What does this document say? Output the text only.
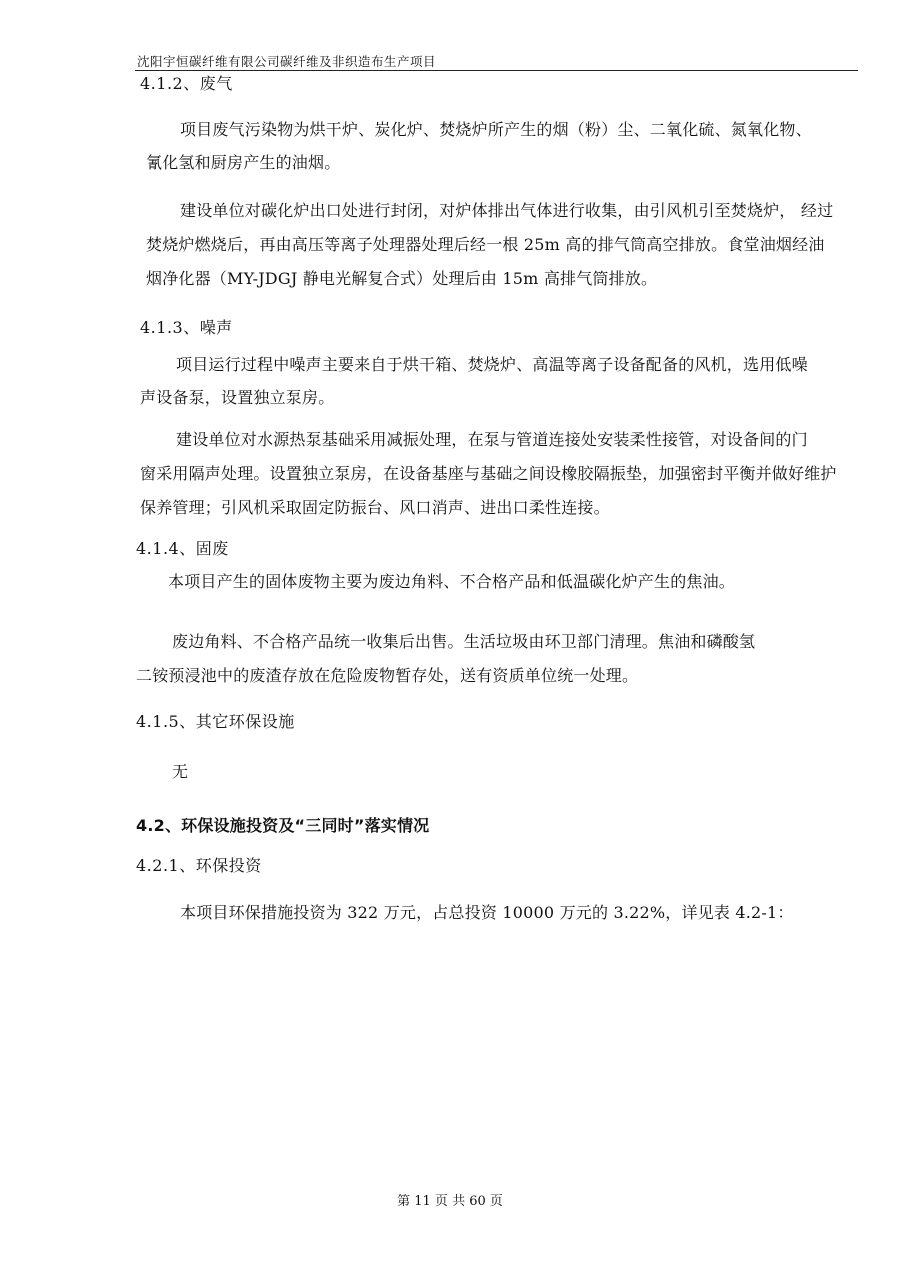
沈阳宇恒碳纤维有限公司碳纤维及非织造布生产项目
4.1.2、废气
项目废气污染物为烘干炉、炭化炉、焚烧炉所产生的烟（粉）尘、二氧化硫、氮氧化物、
氰化氢和厨房产生的油烟。
建设单位对碳化炉出口处进行封闭，对炉体排出气体进行收集，由引风机引至焚烧炉， 经过
焚烧炉燃烧后，再由高压等离子处理器处理后经一根 25m 高的排气筒高空排放。食堂油烟经油
烟净化器（MY-JDGJ 静电光解复合式）处理后由 15m 高排气筒排放。
4.1.3、噪声
项目运行过程中噪声主要来自于烘干箱、焚烧炉、高温等离子设备配备的风机，选用低噪
声设备泵，设置独立泵房。
建设单位对水源热泵基础采用减振处理，在泵与管道连接处安装柔性接管，对设备间的门
窗采用隔声处理。设置独立泵房，在设备基座与基础之间设橡胶隔振垫，加强密封平衡并做好维护
保养管理；引风机采取固定防振台、风口消声、进出口柔性连接。
4.1.4、固废
本项目产生的固体废物主要为废边角料、不合格产品和低温碳化炉产生的焦油。
废边角料、不合格产品统一收集后出售。生活垃圾由环卫部门清理。焦油和磷酸氢
二铵预浸池中的废渣存放在危险废物暂存处，送有资质单位统一处理。
4.1.5、其它环保设施
无
4.2、环保设施投资及“三同时”落实情况
4.2.1、环保投资
本项目环保措施投资为 322 万元，占总投资 10000 万元的 3.22%，详见表 4.2-1：
第 11 页 共 60 页
